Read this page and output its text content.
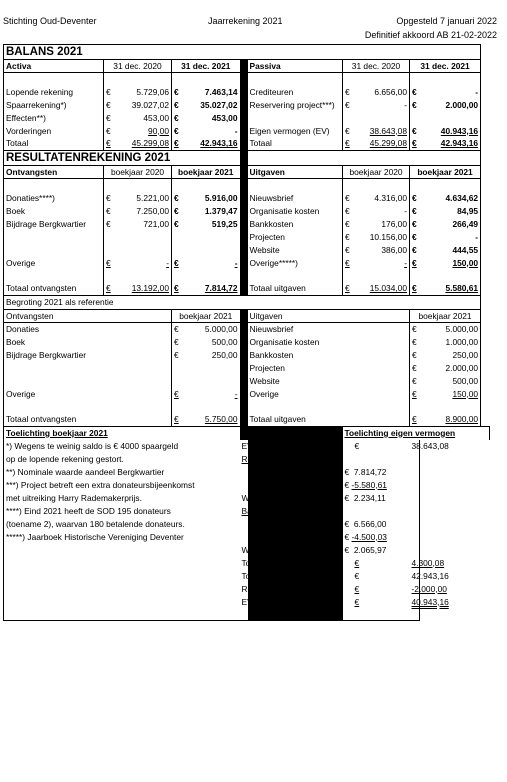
Stichting Oud-Deventer	Jaarrekening 2021	Opgesteld 7 januari 2022
Definitief akkoord AB 21-02-2022
BALANS 2021										
Activa	31 dec. 2020		31 dec. 2021			Passiva	31 dec. 2020		31 dec. 2021	

Lopende rekening	€	5.729,06	€	7.463,14		Crediteuren	€	6.656,00	€	-
Spaarrekening*)	€	39.027,02	€	35.027,02		Reservering project***)	€	-	€	2.000,00
Effecten**)	€	453,00	€	453,00						
Vorderingen	€	90,00	€	-		Eigen vermogen (EV)	€	38.643,08	€	40.943,16
Totaal	€	45.299,08	€	42.943,16		Totaal	€	45.299,08	€	42.943,16
RESULTATENREKENING 2021										
Ontvangsten	boekjaar 2020		boekjaar 2021			Uitgaven	boekjaar 2020		boekjaar 2021	

Donaties****)	€	5.221,00	€	5.916,00		Nieuwsbrief	€	4.316,00	€	4.634,62
Boek	€	7.250,00	€	1.379,47		Organisatie kosten	€	-	€	84,95
Bijdrage Bergkwartier	€	721,00	€	519,25		Bankkosten	€	176,00	€	266,49
						Projecten	€	10.156,00	€	-
						Website	€	386,00	€	444,55
Overige	€	-	€	-		Overige*****)	€	-	€	150,00

Totaal ontvangsten	€	13.192,00	€	7.814,72		Totaal uitgaven	€	15.034,00	€	5.580,61
Begroting 2021 als referentie										
Ontvangsten			boekjaar 2021			Uitgaven			boekjaar 2021	
Donaties			€	5.000,00		Nieuwsbrief			€	5.000,00
Boek			€	500,00		Organisatie kosten			€	1.000,00
Bijdrage Bergkwartier			€	250,00		Bankkosten			€	250,00
						Projecten			€	2.000,00
						Website			€	500,00
Overige			€	-		Overige			€	150,00

Totaal ontvangsten			€	5.750,00		Totaal uitgaven			€	8.900,00
Toelichting boekjaar 2021							Toelichting eigen vermogen			
*) Wegens te weinig saldo is € 4000 spaargeld					EV per 31 december 2020			€	38.643,08	
op de lopende rekening gestort.					Resultatenrekening 2021					
**) Nominale waarde aandeel Bergkwartier					ontvangsten		€ 7.814,72			
***) Project betreft een extra donateursbijeenkomst					uitgaven		€ -5.580,61			
met uitreiking Harry Rademakerprijs.					Winst uit resultatenrek.		€ 2.234,11			
****) Eind 2021 heeft de SOD 195 donateurs					Balansposten 2021					
(toename 2), waarvan 180 betalende donateurs.					saldo nog te betalen		€ 6.566,00			
*****) Jaarboek Historische Vereniging Deventer					saldo betaald		€ -4.500,03			
					Winst uit balansposten		€ 2.065,97			
					Totaal winst 2021			€	4.300,08	
					Totaal			€	42.943,16	
					Reservering project***)			€	-2.000,00	
					EV per 31 december 2021			€	40.943,16	
